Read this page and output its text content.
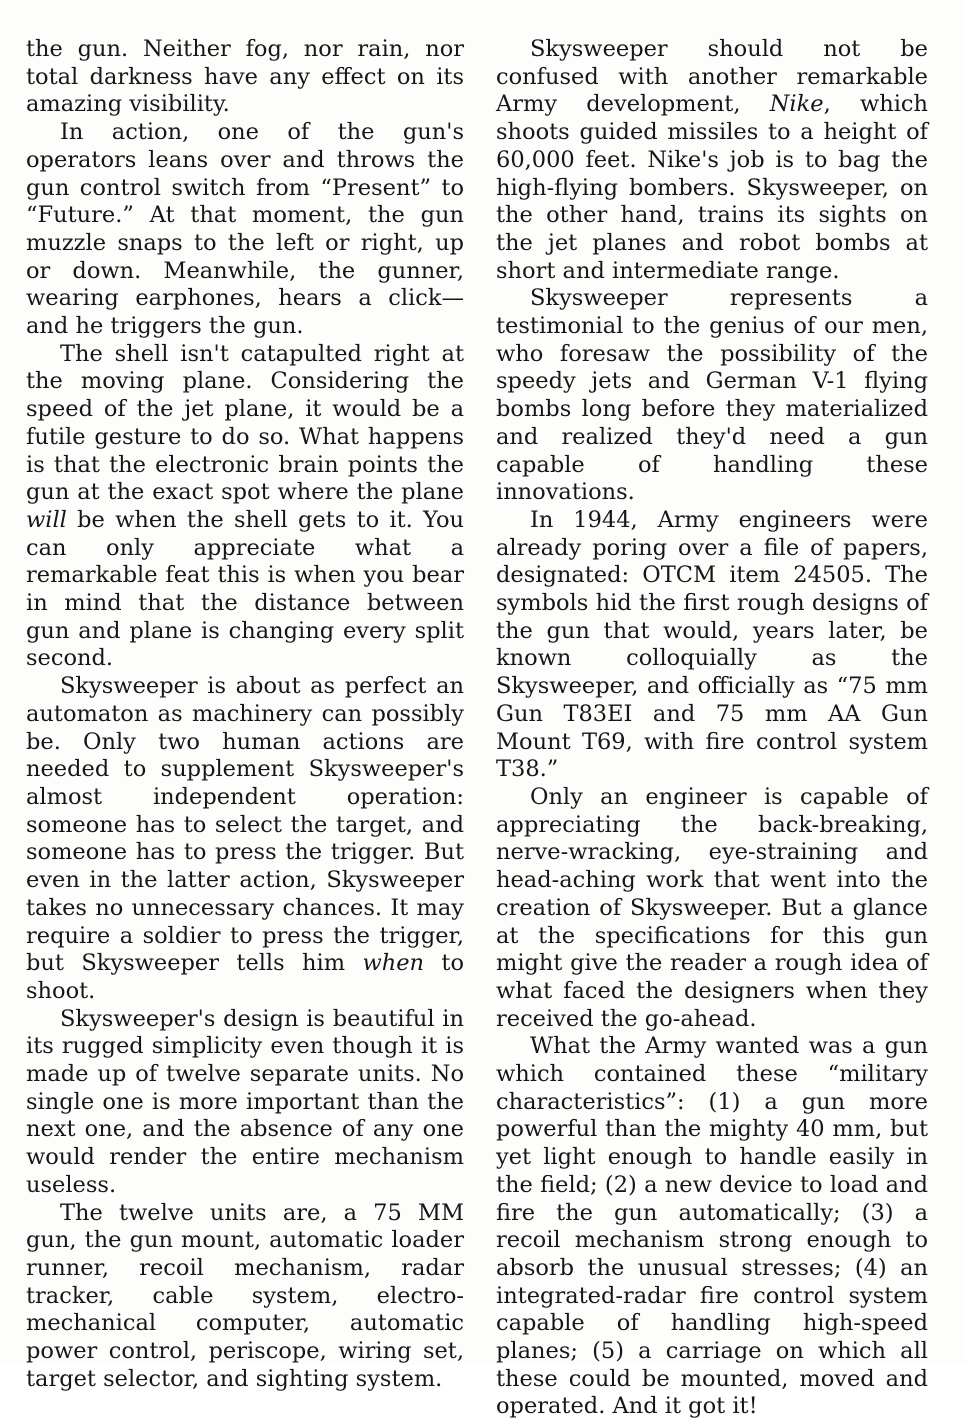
the gun. Neither fog, nor rain, nor total darkness have any effect on its amazing visibility.

In action, one of the gun's operators leans over and throws the gun control switch from “Present” to “Future.” At that moment, the gun muzzle snaps to the left or right, up or down. Meanwhile, the gunner, wearing earphones, hears a click—and he triggers the gun.

The shell isn't catapulted right at the moving plane. Considering the speed of the jet plane, it would be a futile gesture to do so. What happens is that the electronic brain points the gun at the exact spot where the plane will be when the shell gets to it. You can only appreciate what a remarkable feat this is when you bear in mind that the distance between gun and plane is changing every split second.

Skysweeper is about as perfect an automaton as machinery can possibly be. Only two human actions are needed to supplement Skysweeper's almost independent operation: someone has to select the target, and someone has to press the trigger. But even in the latter action, Skysweeper takes no unnecessary chances. It may require a soldier to press the trigger, but Skysweeper tells him when to shoot.

Skysweeper's design is beautiful in its rugged simplicity even though it is made up of twelve separate units. No single one is more important than the next one, and the absence of any one would render the entire mechanism useless.

The twelve units are, a 75 MM gun, the gun mount, automatic loader runner, recoil mechanism, radar tracker, cable system, electro-mechanical computer, automatic power control, periscope, wiring set, target selector, and sighting system.

Skysweeper should not be confused with another remarkable Army development, Nike, which shoots guided missiles to a height of 60,000 feet. Nike's job is to bag the high-flying bombers. Skysweeper, on the other hand, trains its sights on the jet planes and robot bombs at short and intermediate range.

Skysweeper represents a testimonial to the genius of our men, who foresaw the possibility of the speedy jets and German V-1 flying bombs long before they materialized and realized they'd need a gun capable of handling these innovations.

In 1944, Army engineers were already poring over a file of papers, designated: OTCM item 24505. The symbols hid the first rough designs of the gun that would, years later, be known colloquially as the Skysweeper, and officially as “75 mm Gun T83EI and 75 mm AA Gun Mount T69, with fire control system T38.”

Only an engineer is capable of appreciating the back-breaking, nerve-wracking, eye-straining and head-aching work that went into the creation of Skysweeper. But a glance at the specifications for this gun might give the reader a rough idea of what faced the designers when they received the go-ahead.

What the Army wanted was a gun which contained these “military characteristics”: (1) a gun more powerful than the mighty 40 mm, but yet light enough to handle easily in the field; (2) a new device to load and fire the gun automatically; (3) a recoil mechanism strong enough to absorb the unusual stresses; (4) an integrated-radar fire control system capable of handling high-speed planes; (5) a carriage on which all these could be mounted, moved and operated. And it got it!
